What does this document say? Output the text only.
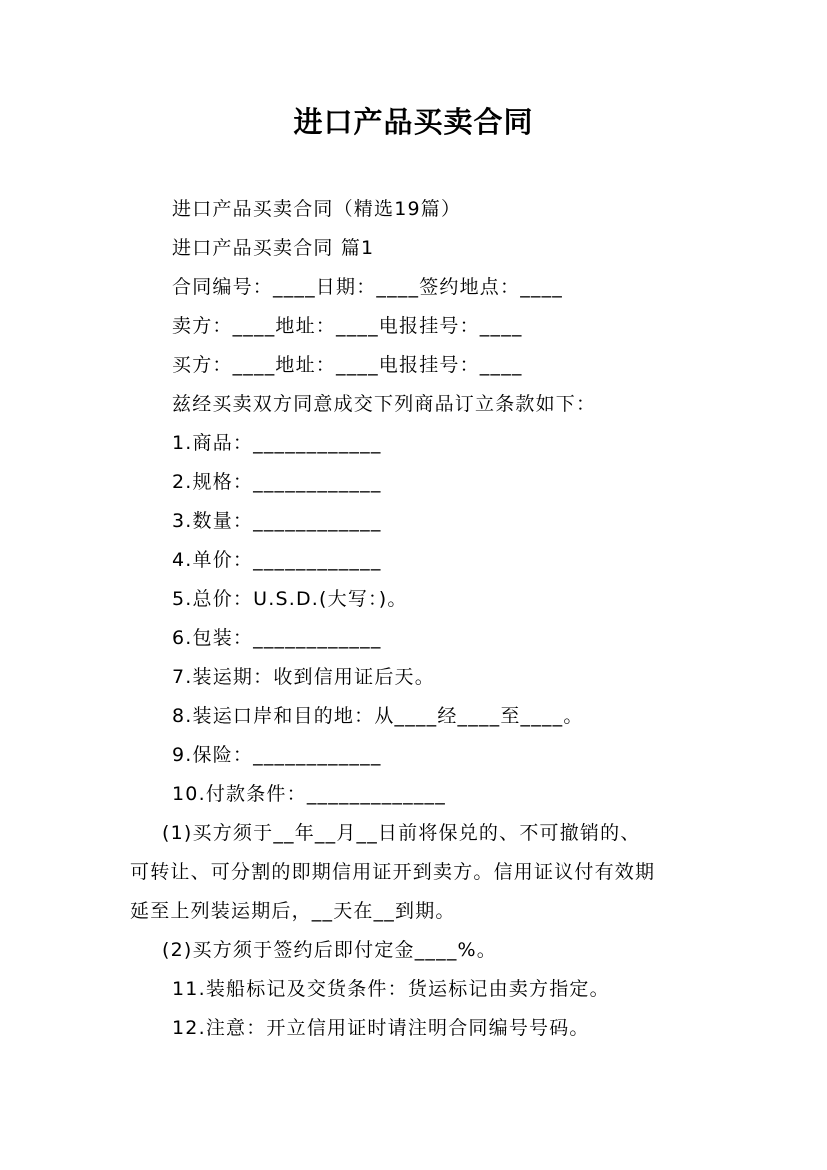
进口产品买卖合同
进口产品买卖合同（精选19篇）
进口产品买卖合同 篇1
合同编号：____日期：____签约地点：____
卖方：____地址：____电报挂号：____
买方：____地址：____电报挂号：____
兹经买卖双方同意成交下列商品订立条款如下：
1.商品：____________
2.规格：____________
3.数量：____________
4.单价：____________
5.总价：U.S.D.(大写：)。
6.包装：____________
7.装运期：收到信用证后天。
8.装运口岸和目的地：从____经____至____。
9.保险：____________
10.付款条件：_____________
(1)买方须于__年__月__日前将保兑的、不可撤销的、
可转让、可分割的即期信用证开到卖方。信用证议付有效期
延至上列装运期后，__天在__到期。
(2)买方须于签约后即付定金____%。
11.装船标记及交货条件：货运标记由卖方指定。
12.注意：开立信用证时请注明合同编号号码。
